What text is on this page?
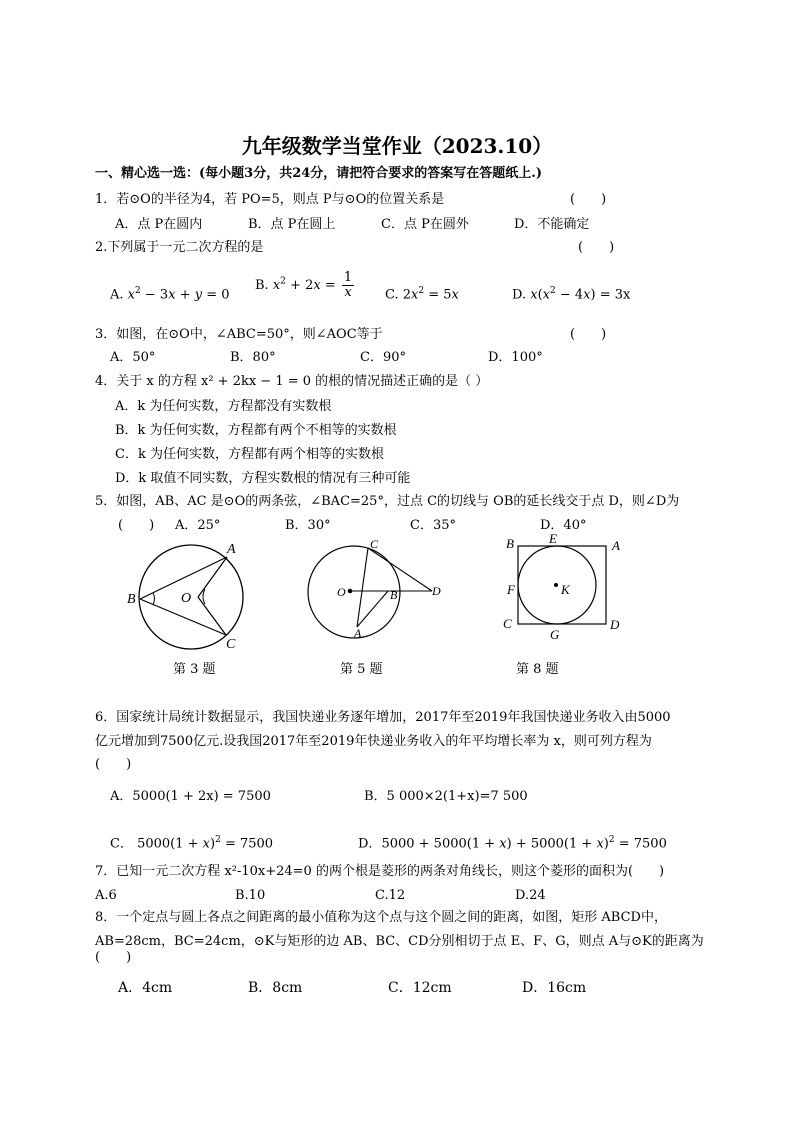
九年级数学当堂作业（2023.10）
一、精心选一选：(每小题3分，共24分，请把符合要求的答案写在答题纸上.)
1．若⊙O的半径为4，若 PO=5，则点 P与⊙O的位置关系是	(　　)
A．点 P在圆内	B．点 P在圆上	C．点 P在圆外	D．不能确定
2.下列属于一元二次方程的是	(　　)
A. $x^2 - 3x + y = 0$
B. $x^2 + 2x = \frac{1}{x} C$. $2x^2 = 5x$	D. $x(x^2 - 4x) = 3x$
3．如图，在⊙O中，∠ABC=50°，则∠AOC等于	(　　)
A．50°	B．80°	C．90°	D．100°
4．关于 x 的方程 x² + 2kx − 1 = 0 的根的情况描述正确的是（ ）
A．k 为任何实数，方程都没有实数根
B．k 为任何实数，方程都有两个不相等的实数根
C．k 为任何实数，方程都有两个相等的实数根
D．k 取值不同实数，方程实数根的情况有三种可能
5．如图，AB、AC 是⊙O的两条弦，∠BAC=25°，过点 C的切线与 OB的延长线交于点 D，则∠D为
(　　) A．25°	B．30°	C．35°	D．40°
A
B
C
O
第 3 题
C
O	B	D
A
第 5 题
B	E	A
F	K
C
G
D
第 8 题
6．国家统计局统计数据显示，我国快递业务逐年增加，2017年至2019年我国快递业务收入由5000
亿元增加到7500亿元.设我国2017年至2019年快递业务收入的年平均增长率为 x，则可列方程为
(　　)
A．5000(1 + 2x) = 7500	B．5 000×2(1+x)=7 500
C． $5000(1 + x)^2 = 7500$	D．$5000 + 5000(1 + x) + 5000(1 + x)^2 = 7500$
7．已知一元二次方程 x²-10x+24=0 的两个根是菱形的两条对角线长，则这个菱形的面积为(　　)
A.6	B.10	C.12	D.24
8．一个定点与圆上各点之间距离的最小值称为这个点与这个圆之间的距离，如图，矩形 ABCD中，
AB=28cm，BC=24cm，⊙K与矩形的边 AB、BC、CD分别相切于点 E、F、G，则点 A与⊙K的距离为
(　　)
A．4cm	B．8cm	C．12cm	D．16cm
